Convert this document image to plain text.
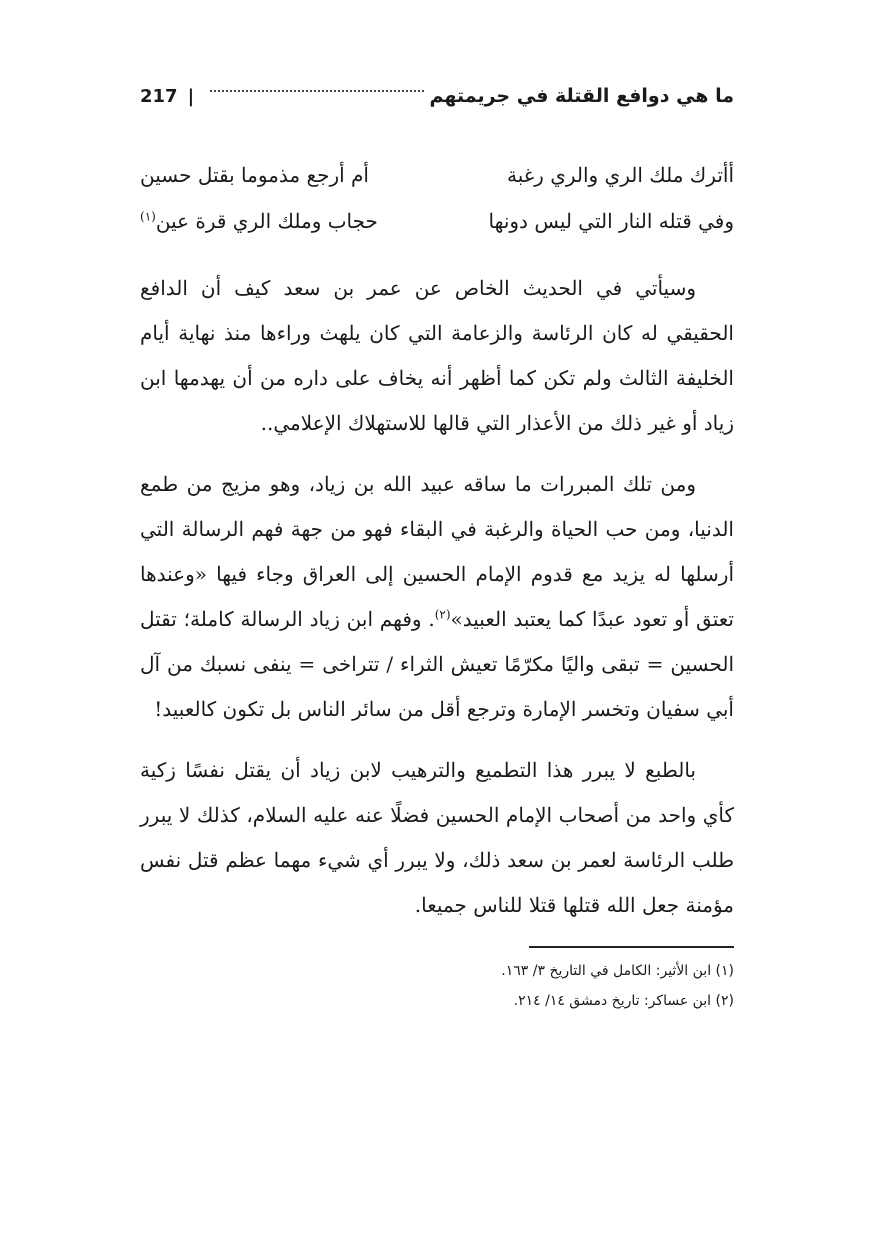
ما هي دوافع القتلة في جريمتهم
|
217
أأترك ملك الري والري رغبة
أم أرجع مذموما بقتل حسين
وفي قتله النار التي ليس دونها
حجاب وملك الري قرة عين$^{(١)}$

وسيأتي في الحديث الخاص عن عمر بن سعد كيف أن الدافع الحقيقي له كان الرئاسة والزعامة التي كان يلهث وراءها منذ نهاية أيام الخليفة الثالث ولم تكن كما أظهر أنه يخاف على داره من أن يهدمها ابن زياد أو غير ذلك من الأعذار التي قالها للاستهلاك الإعلامي..

ومن تلك المبررات ما ساقه عبيد الله بن زياد، وهو مزيج من طمع الدنيا، ومن حب الحياة والرغبة في البقاء فهو من جهة فهم الرسالة التي أرسلها له يزيد مع قدوم الإمام الحسين إلى العراق وجاء فيها «وعندها تعتق أو تعود عبدًا كما يعتبد العبيد»$^{(٢)}$. وفهم ابن زياد الرسالة كاملة؛ تقتل الحسين = تبقى واليًا مكرّمًا تعيش الثراء / تتراخى = ينفى نسبك من آل أبي سفيان وتخسر الإمارة وترجع أقل من سائر الناس بل تكون كالعبيد!

بالطبع لا يبرر هذا التطميع والترهيب لابن زياد أن يقتل نفسًا زكية كأي واحد من أصحاب الإمام الحسين فضلًا عنه عليه السلام، كذلك لا يبرر طلب الرئاسة لعمر بن سعد ذلك، ولا يبرر أي شيء مهما عظم قتل نفس مؤمنة جعل الله قتلها قتلا للناس جميعا.

(١) ابن الأثير: الكامل في التاريخ ٣/ ١٦٣.
(٢) ابن عساكر: تاريخ دمشق ١٤/ ٢١٤.
